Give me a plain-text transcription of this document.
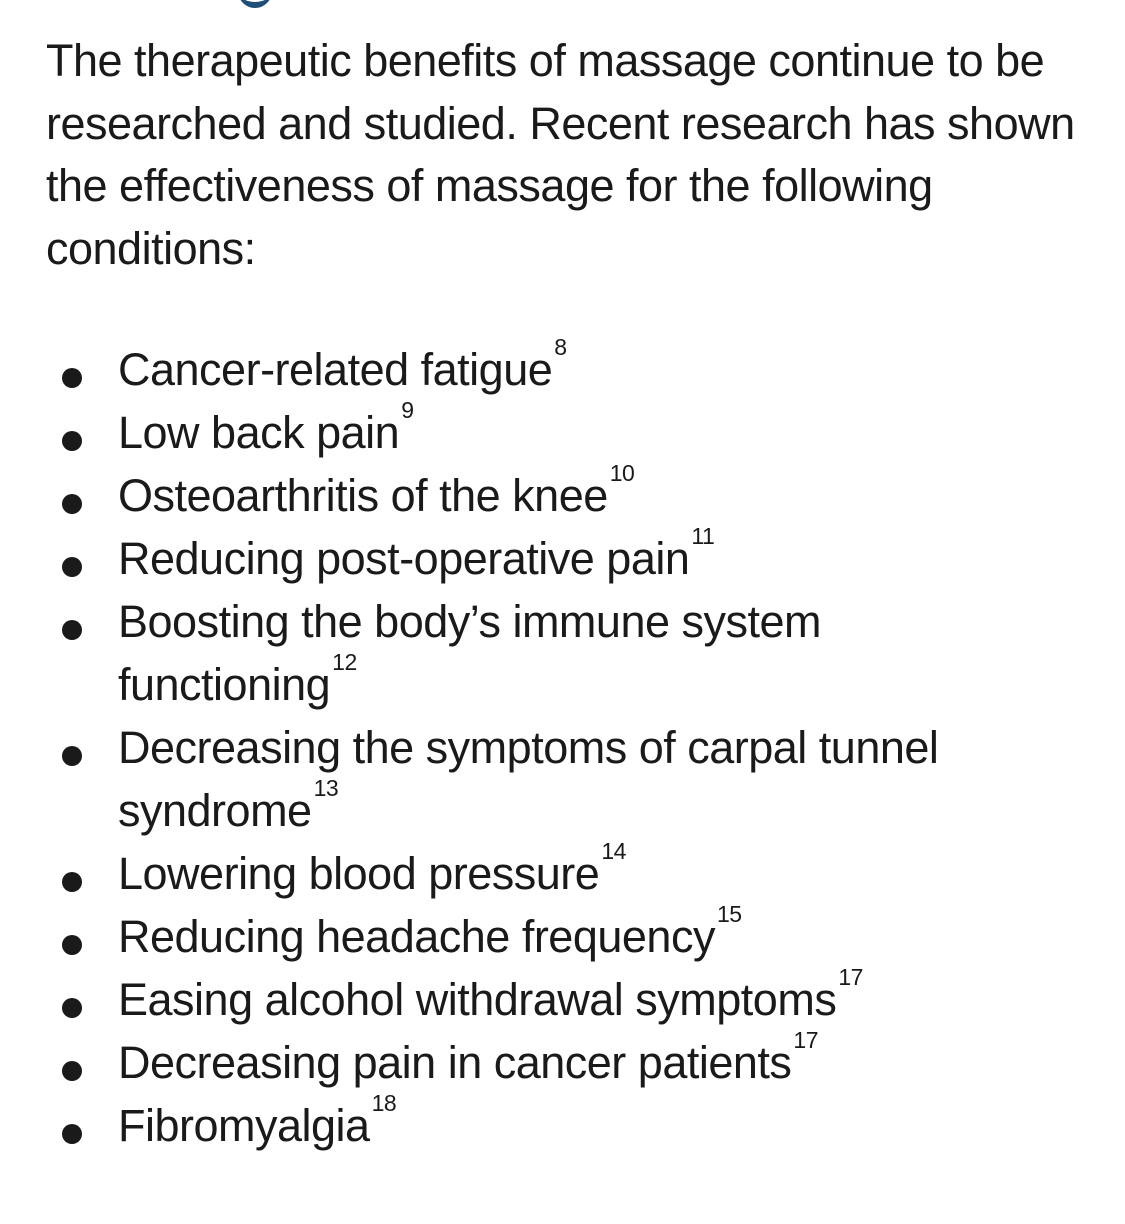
The therapeutic benefits of massage continue to be researched and studied. Recent research has shown the effectiveness of massage for the following conditions:

Cancer-related fatigue$^8$
Low back pain$^9$
Osteoarthritis of the knee$^{10}$
Reducing post-operative pain$^{11}$
Boosting the body’s immune system functioning$^{12}$
Decreasing the symptoms of carpal tunnel syndrome$^{13}$
Lowering blood pressure$^{14}$
Reducing headache frequency$^{15}$
Easing alcohol withdrawal symptoms$^{17}$
Decreasing pain in cancer patients$^{17}$
Fibromyalgia$^{18}$
